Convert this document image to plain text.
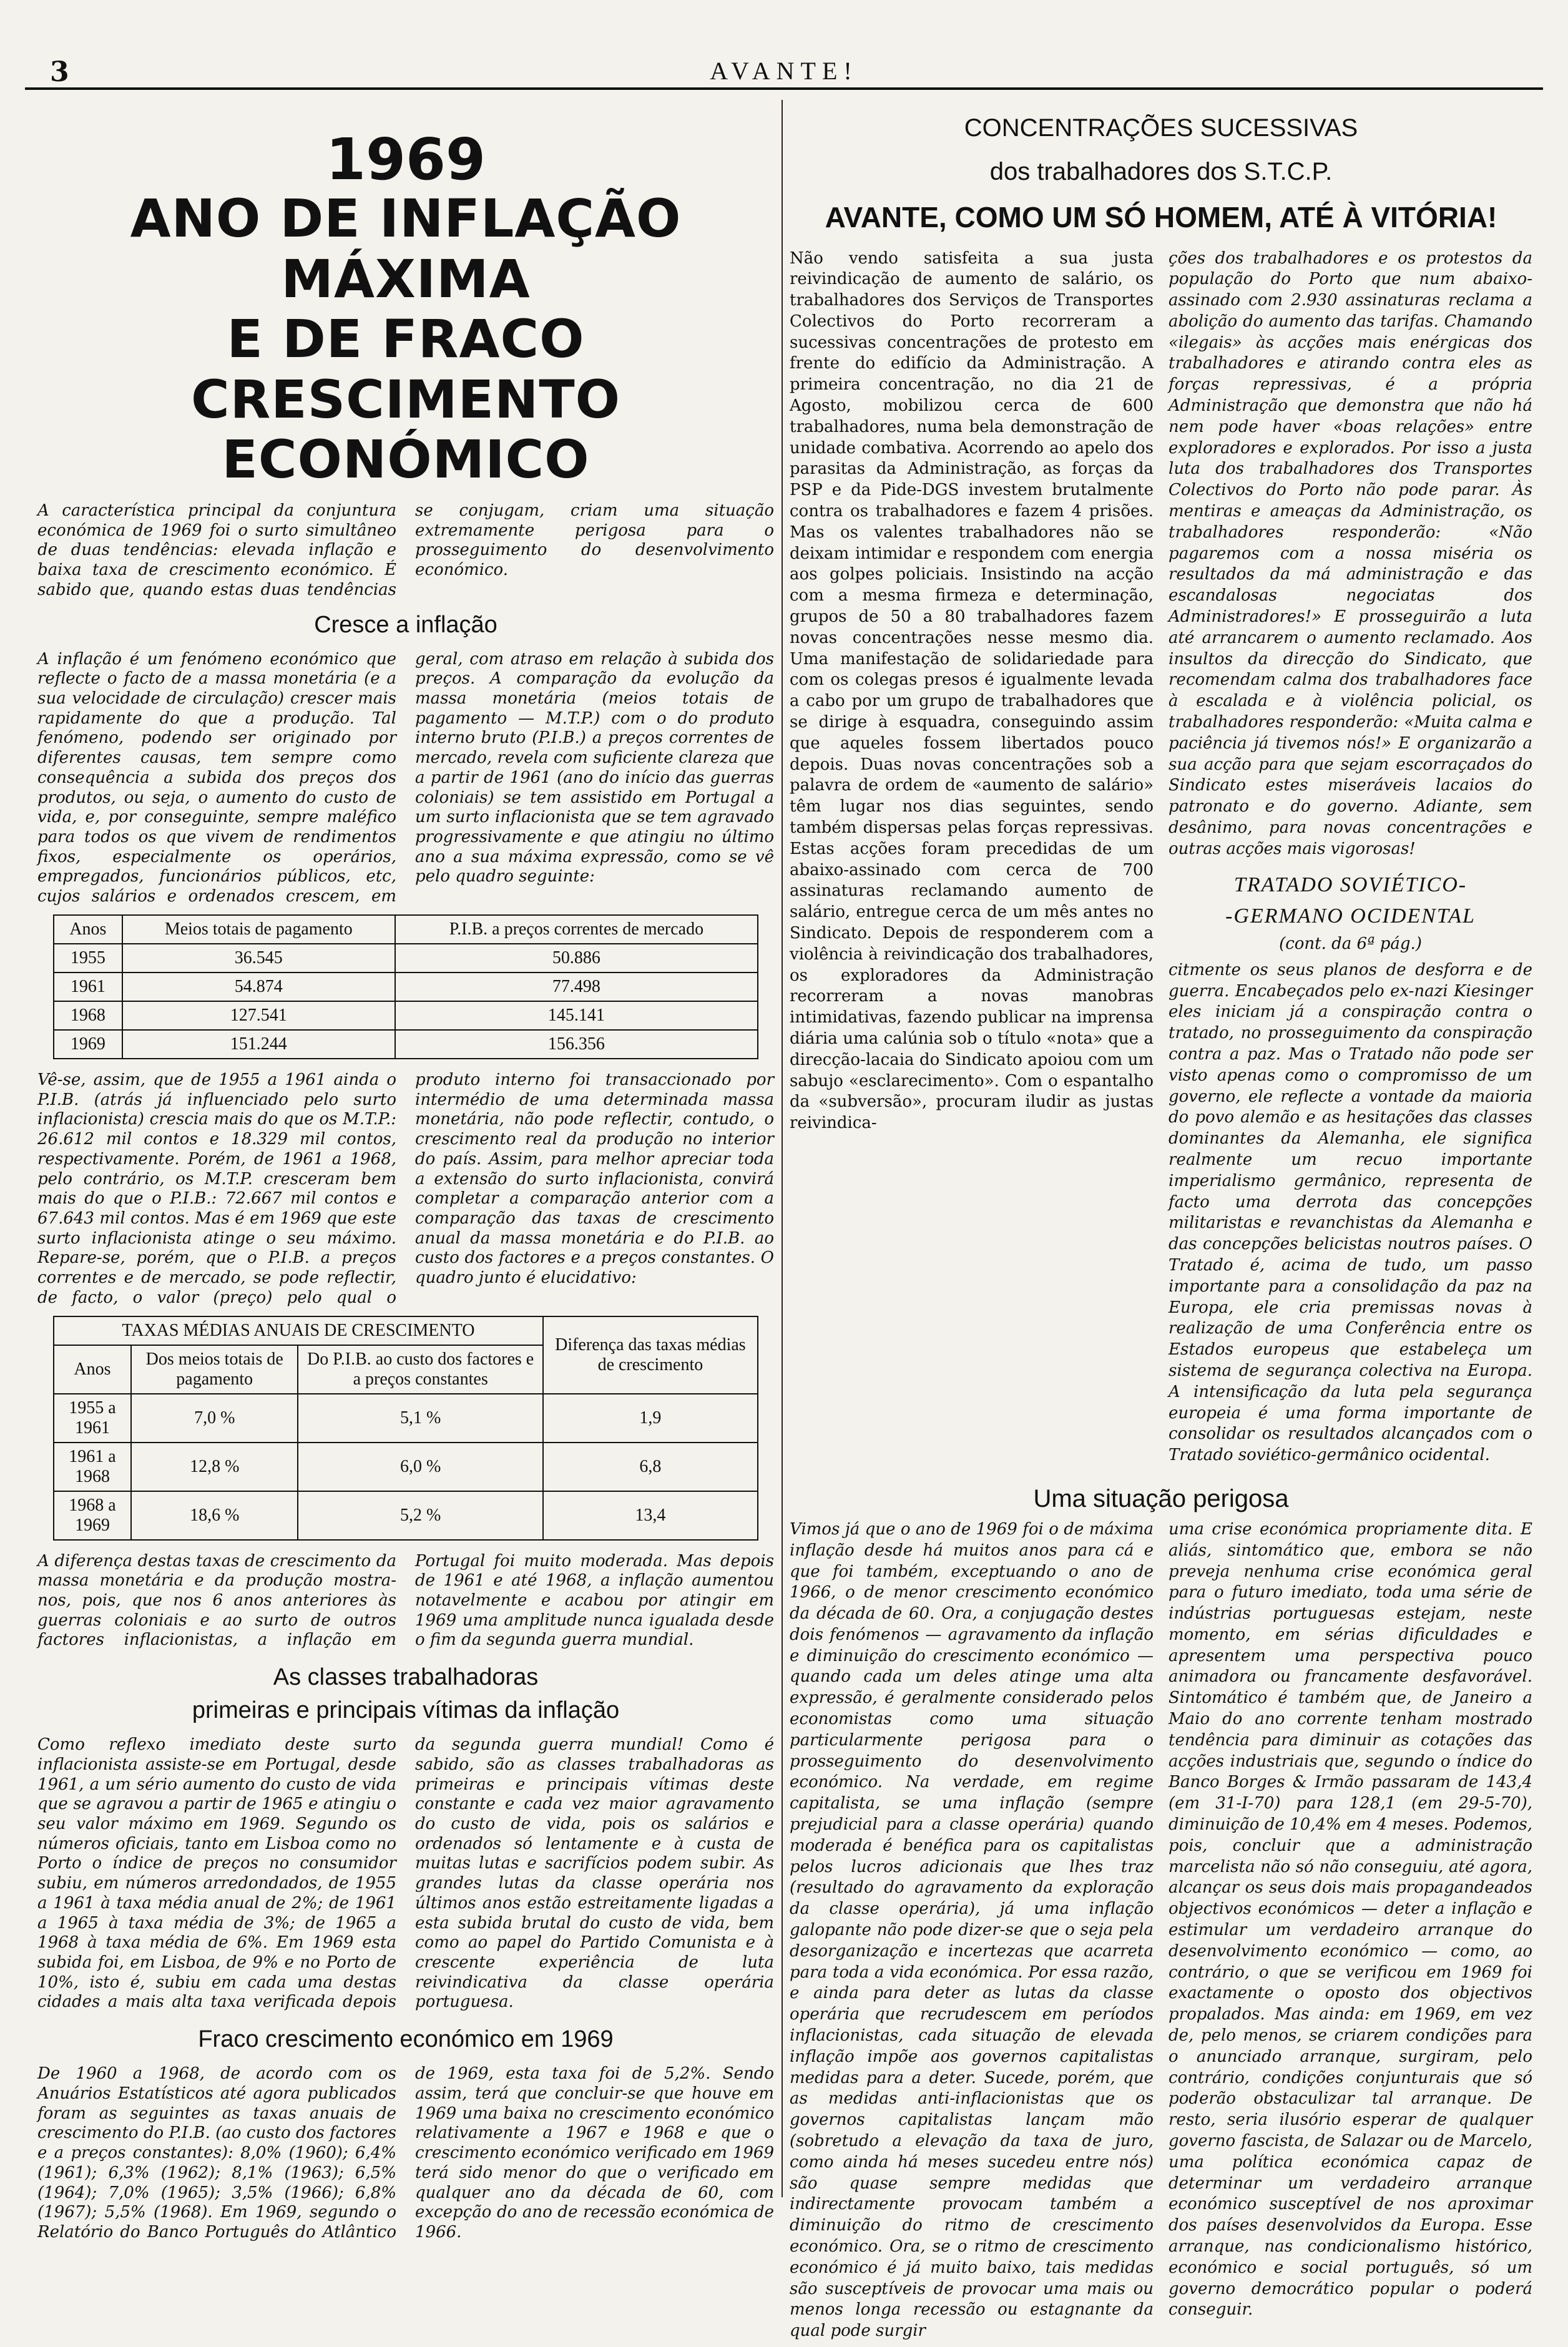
3	AVANTE!
1969
ANO DE INFLAÇÃO MÁXIMA
E DE FRACO CRESCIMENTO ECONÓMICO

A característica principal da conjuntura económica de 1969 foi o surto simultâneo de duas tendências: elevada inflação e baixa taxa de crescimento económico. É sabido que, quando estas duas tendências se conjugam, criam uma situação extremamente perigosa para o prosseguimento do desenvolvimento económico.

Cresce a inflação

A inflação é um fenómeno económico que reflecte o facto de a massa monetária (e a sua velocidade de circulação) crescer mais rapidamente do que a produção. Tal fenómeno, podendo ser originado por diferentes causas, tem sempre como consequência a subida dos preços dos produtos, ou seja, o aumento do custo de vida, e, por conseguinte, sempre maléfico para todos os que vivem de rendimentos fixos, especialmente os operários, empregados, funcionários públicos, etc, cujos salários e ordenados crescem, em geral, com atraso em relação à subida dos preços. A comparação da evolução da massa monetária (meios totais de pagamento — M.T.P.) com o do produto interno bruto (P.I.B.) a preços correntes de mercado, revela com suficiente clareza que a partir de 1961 (ano do início das guerras coloniais) se tem assistido em Portugal a um surto inflacionista que se tem agravado progressivamente e que atingiu no último ano a sua máxima expressão, como se vê pelo quadro seguinte:

Anos	Meios totais de pagamento	P.I.B. a preços correntes de mercado
1955	36.545	50.886
1961	54.874	77.498
1968	127.541	145.141
1969	151.244	156.356

Vê-se, assim, que de 1955 a 1961 ainda o P.I.B. (atrás já influenciado pelo surto inflacionista) crescia mais do que os M.T.P.: 26.612 mil contos e 18.329 mil contos, respectivamente. Porém, de 1961 a 1968, pelo contrário, os M.T.P. cresceram bem mais do que o P.I.B.: 72.667 mil contos e 67.643 mil contos. Mas é em 1969 que este surto inflacionista atinge o seu máximo. Repare-se, porém, que o P.I.B. a preços correntes e de mercado, se pode reflectir, de facto, o valor (preço) pelo qual o produto interno foi transaccionado por intermédio de uma determinada massa monetária, não pode reflectir, contudo, o crescimento real da produção no interior do país. Assim, para melhor apreciar toda a extensão do surto inflacionista, convirá completar a comparação anterior com a comparação das taxas de crescimento anual da massa monetária e do P.I.B. ao custo dos factores e a preços constantes. O quadro junto é elucidativo:

TAXAS MÉDIAS ANUAIS DE CRESCIMENTO			Diferença das taxas médias de crescimento
Anos	Dos meios totais de pagamento	Do P.I.B. ao custo dos factores e a preços constantes	
1955 a 1961	7,0 %	5,1 %	1,9
1961 a 1968	12,8 %	6,0 %	6,8
1968 a 1969	18,6 %	5,2 %	13,4

A diferença destas taxas de crescimento da massa monetária e da produção mostra-nos, pois, que nos 6 anos anteriores às guerras coloniais e ao surto de outros factores inflacionistas, a inflação em Portugal foi muito moderada. Mas depois de 1961 e até 1968, a inflação aumentou notavelmente e acabou por atingir em 1969 uma amplitude nunca igualada desde o fim da segunda guerra mundial.

As classes trabalhadoras
primeiras e principais vítimas da inflação

Como reflexo imediato deste surto inflacionista assiste-se em Portugal, desde 1961, a um sério aumento do custo de vida que se agravou a partir de 1965 e atingiu o seu valor máximo em 1969. Segundo os números oficiais, tanto em Lisboa como no Porto o índice de preços no consumidor subiu, em números arredondados, de 1955 a 1961 à taxa média anual de 2%; de 1961 a 1965 à taxa média de 3%; de 1965 a 1968 à taxa média de 6%. Em 1969 esta subida foi, em Lisboa, de 9% e no Porto de 10%, isto é, subiu em cada uma destas cidades a mais alta taxa verificada depois da segunda guerra mundial! Como é sabido, são as classes trabalhadoras as primeiras e principais vítimas deste constante e cada vez maior agravamento do custo de vida, pois os salários e ordenados só lentamente e à custa de muitas lutas e sacrifícios podem subir. As grandes lutas da classe operária nos últimos anos estão estreitamente ligadas a esta subida brutal do custo de vida, bem como ao papel do Partido Comunista e à crescente experiência de luta reivindicativa da classe operária portuguesa.

Fraco crescimento económico em 1969

De 1960 a 1968, de acordo com os Anuários Estatísticos até agora publicados foram as seguintes as taxas anuais de crescimento do P.I.B. (ao custo dos factores e a preços constantes): 8,0% (1960); 6,4% (1961); 6,3% (1962); 8,1% (1963); 6,5% (1964); 7,0% (1965); 3,5% (1966); 6,8% (1967); 5,5% (1968). Em 1969, segundo o Relatório do Banco Português do Atlântico de 1969, esta taxa foi de 5,2%. Sendo assim, terá que concluir-se que houve em 1969 uma baixa no crescimento económico relativamente a 1967 e 1968 e que o crescimento económico verificado em 1969 terá sido menor do que o verificado em qualquer ano da década de 60, com excepção do ano de recessão económica de 1966.

CONCENTRAÇÕES SUCESSIVAS
dos trabalhadores dos S.T.C.P.
AVANTE, COMO UM SÓ HOMEM, ATÉ À VITÓRIA!

Não vendo satisfeita a sua justa reivindicação de aumento de salário, os trabalhadores dos Serviços de Transportes Colectivos do Porto recorreram a sucessivas concentrações de protesto em frente do edifício da Administração. A primeira concentração, no dia 21 de Agosto, mobilizou cerca de 600 trabalhadores, numa bela demonstração de unidade combativa. Acorrendo ao apelo dos parasitas da Administração, as forças da PSP e da Pide-DGS investem brutalmente contra os trabalhadores e fazem 4 prisões. Mas os valentes trabalhadores não se deixam intimidar e respondem com energia aos golpes policiais. Insistindo na acção com a mesma firmeza e determinação, grupos de 50 a 80 trabalhadores fazem novas concentrações nesse mesmo dia. Uma manifestação de solidariedade para com os colegas presos é igualmente levada a cabo por um grupo de trabalhadores que se dirige à esquadra, conseguindo assim que aqueles fossem libertados pouco depois. Duas novas concentrações sob a palavra de ordem de «aumento de salário» têm lugar nos dias seguintes, sendo também dispersas pelas forças repressivas. Estas acções foram precedidas de um abaixo-assinado com cerca de 700 assinaturas reclamando aumento de salário, entregue cerca de um mês antes no Sindicato. Depois de responderem com a violência à reivindicação dos trabalhadores, os exploradores da Administração recorreram a novas manobras intimidativas, fazendo publicar na imprensa diária uma calúnia sob o título «nota» que a direcção-lacaia do Sindicato apoiou com um sabujo «esclarecimento». Com o espantalho da «subversão», procuram iludir as justas reivindica-

ções dos trabalhadores e os protestos da população do Porto que num abaixo-assinado com 2.930 assinaturas reclama a abolição do aumento das tarifas. Chamando «ilegais» às acções mais enérgicas dos trabalhadores e atirando contra eles as forças repressivas, é a própria Administração que demonstra que não há nem pode haver «boas relações» entre exploradores e explorados. Por isso a justa luta dos trabalhadores dos Transportes Colectivos do Porto não pode parar. Às mentiras e ameaças da Administração, os trabalhadores responderão: «Não pagaremos com a nossa miséria os resultados da má administração e das escandalosas negociatas dos Administradores!» E prosseguirão a luta até arrancarem o aumento reclamado. Aos insultos da direcção do Sindicato, que recomendam calma dos trabalhadores face à escalada e à violência policial, os trabalhadores responderão: «Muita calma e paciência já tivemos nós!» E organizarão a sua acção para que sejam escorraçados do Sindicato estes miseráveis lacaios do patronato e do governo. Adiante, sem desânimo, para novas concentrações e outras acções mais vigorosas!

TRATADO SOVIÉTICO-
-GERMANO OCIDENTAL

(cont. da 6ª pág.)

citmente os seus planos de desforra e de guerra. Encabeçados pelo ex-nazi Kiesinger eles iniciam já a conspiração contra o tratado, no prosseguimento da conspiração contra a paz. Mas o Tratado não pode ser visto apenas como o compromisso de um governo, ele reflecte a vontade da maioria do povo alemão e as hesitações das classes dominantes da Alemanha, ele significa realmente um recuo importante imperialismo germânico, representa de facto uma derrota das concepções militaristas e revanchistas da Alemanha e das concepções belicistas noutros países. O Tratado é, acima de tudo, um passo importante para a consolidação da paz na Europa, ele cria premissas novas à realização de uma Conferência entre os Estados europeus que estabeleça um sistema de segurança colectiva na Europa. A intensificação da luta pela segurança europeia é uma forma importante de consolidar os resultados alcançados com o Tratado soviético-germânico ocidental.

Uma situação perigosa

Vimos já que o ano de 1969 foi o de máxima inflação desde há muitos anos para cá e que foi também, exceptuando o ano de 1966, o de menor crescimento económico da década de 60. Ora, a conjugação destes dois fenómenos — agravamento da inflação e diminuição do crescimento económico — quando cada um deles atinge uma alta expressão, é geralmente considerado pelos economistas como uma situação particularmente perigosa para o prosseguimento do desenvolvimento económico. Na verdade, em regime capitalista, se uma inflação (sempre prejudicial para a classe operária) quando moderada é benéfica para os capitalistas pelos lucros adicionais que lhes traz (resultado do agravamento da exploração da classe operária), já uma inflação galopante não pode dizer-se que o seja pela desorganização e incertezas que acarreta para toda a vida económica. Por essa razão, e ainda para deter as lutas da classe operária que recrudescem em períodos inflacionistas, cada situação de elevada inflação impõe aos governos capitalistas medidas para a deter. Sucede, porém, que as medidas anti-inflacionistas que os governos capitalistas lançam mão (sobretudo a elevação da taxa de juro, como ainda há meses sucedeu entre nós) são quase sempre medidas que indirectamente provocam também a diminuição do ritmo de crescimento económico. Ora, se o ritmo de crescimento económico é já muito baixo, tais medidas são susceptíveis de provocar uma mais ou menos longa recessão ou estagnante da qual pode surgir

uma crise económica propriamente dita. E aliás, sintomático que, embora se não preveja nenhuma crise económica geral para o futuro imediato, toda uma série de indústrias portuguesas estejam, neste momento, em sérias dificuldades e apresentem uma perspectiva pouco animadora ou francamente desfavorável. Sintomático é também que, de Janeiro a Maio do ano corrente tenham mostrado tendência para diminuir as cotações das acções industriais que, segundo o índice do Banco Borges & Irmão passaram de 143,4 (em 31-I-70) para 128,1 (em 29-5-70), diminuição de 10,4% em 4 meses. Podemos, pois, concluir que a administração marcelista não só não conseguiu, até agora, alcançar os seus dois mais propagandeados objectivos económicos — deter a inflação e estimular um verdadeiro arranque do desenvolvimento económico — como, ao contrário, o que se verificou em 1969 foi exactamente o oposto dos objectivos propalados. Mas ainda: em 1969, em vez de, pelo menos, se criarem condições para o anunciado arranque, surgiram, pelo contrário, condições conjunturais que só poderão obstaculizar tal arranque. De resto, seria ilusório esperar de qualquer governo fascista, de Salazar ou de Marcelo, uma política económica capaz de determinar um verdadeiro arranque económico susceptível de nos aproximar dos países desenvolvidos da Europa. Esse arranque, nas condicionalismo histórico, económico e social português, só um governo democrático popular o poderá conseguir.
